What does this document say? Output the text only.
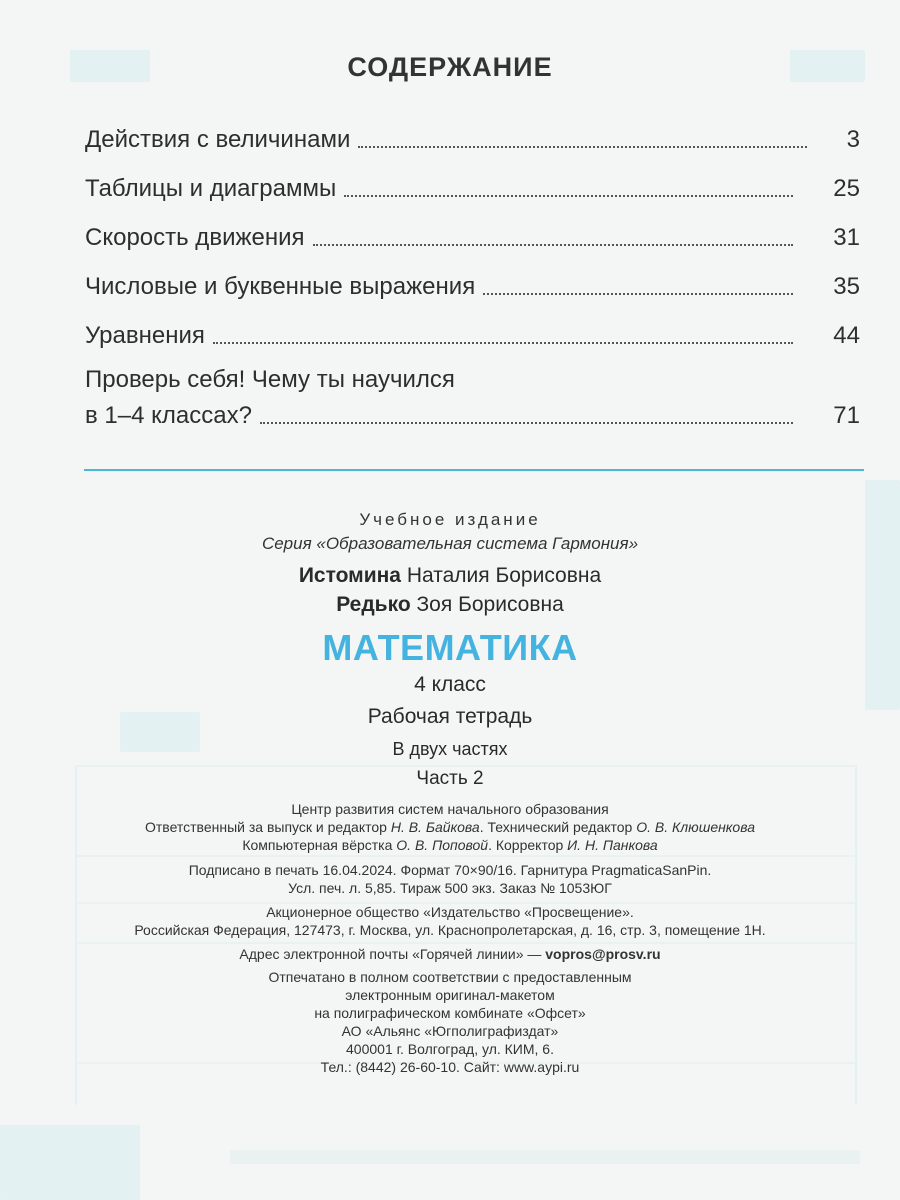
СОДЕРЖАНИЕ
Действия с величинами	3
Таблицы и диаграммы	25
Скорость движения	31
Числовые и буквенные выражения	35
Уравнения	44
Проверь себя! Чему ты научился
в 1–4 классах?	71
Учебное издание
Серия «Образовательная система Гармония»
Истомина Наталия Борисовна
Редько Зоя Борисовна
МАТЕМАТИКА
4 класс
Рабочая тетрадь
В двух частях
Часть 2
Центр развития систем начального образования
Ответственный за выпуск и редактор Н. В. Байкова. Технический редактор О. В. Клюшенкова
Компьютерная вёрстка О. В. Поповой. Корректор И. Н. Панкова
Подписано в печать 16.04.2024. Формат 70×90/16. Гарнитура PragmaticaSanPin.
Усл. печ. л. 5,85. Тираж 500 экз. Заказ № 1053ЮГ
Акционерное общество «Издательство «Просвещение».
Российская Федерация, 127473, г. Москва, ул. Краснопролетарская, д. 16, стр. 3, помещение 1Н.
Адрес электронной почты «Горячей линии» — vopros@prosv.ru
Отпечатано в полном соответствии с предоставленным
электронным оригинал-макетом
на полиграфическом комбинате «Офсет»
АО «Альянс «Югполиграфиздат»
400001 г. Волгоград, ул. КИМ, 6.
Тел.: (8442) 26-60-10. Сайт: www.aypi.ru
